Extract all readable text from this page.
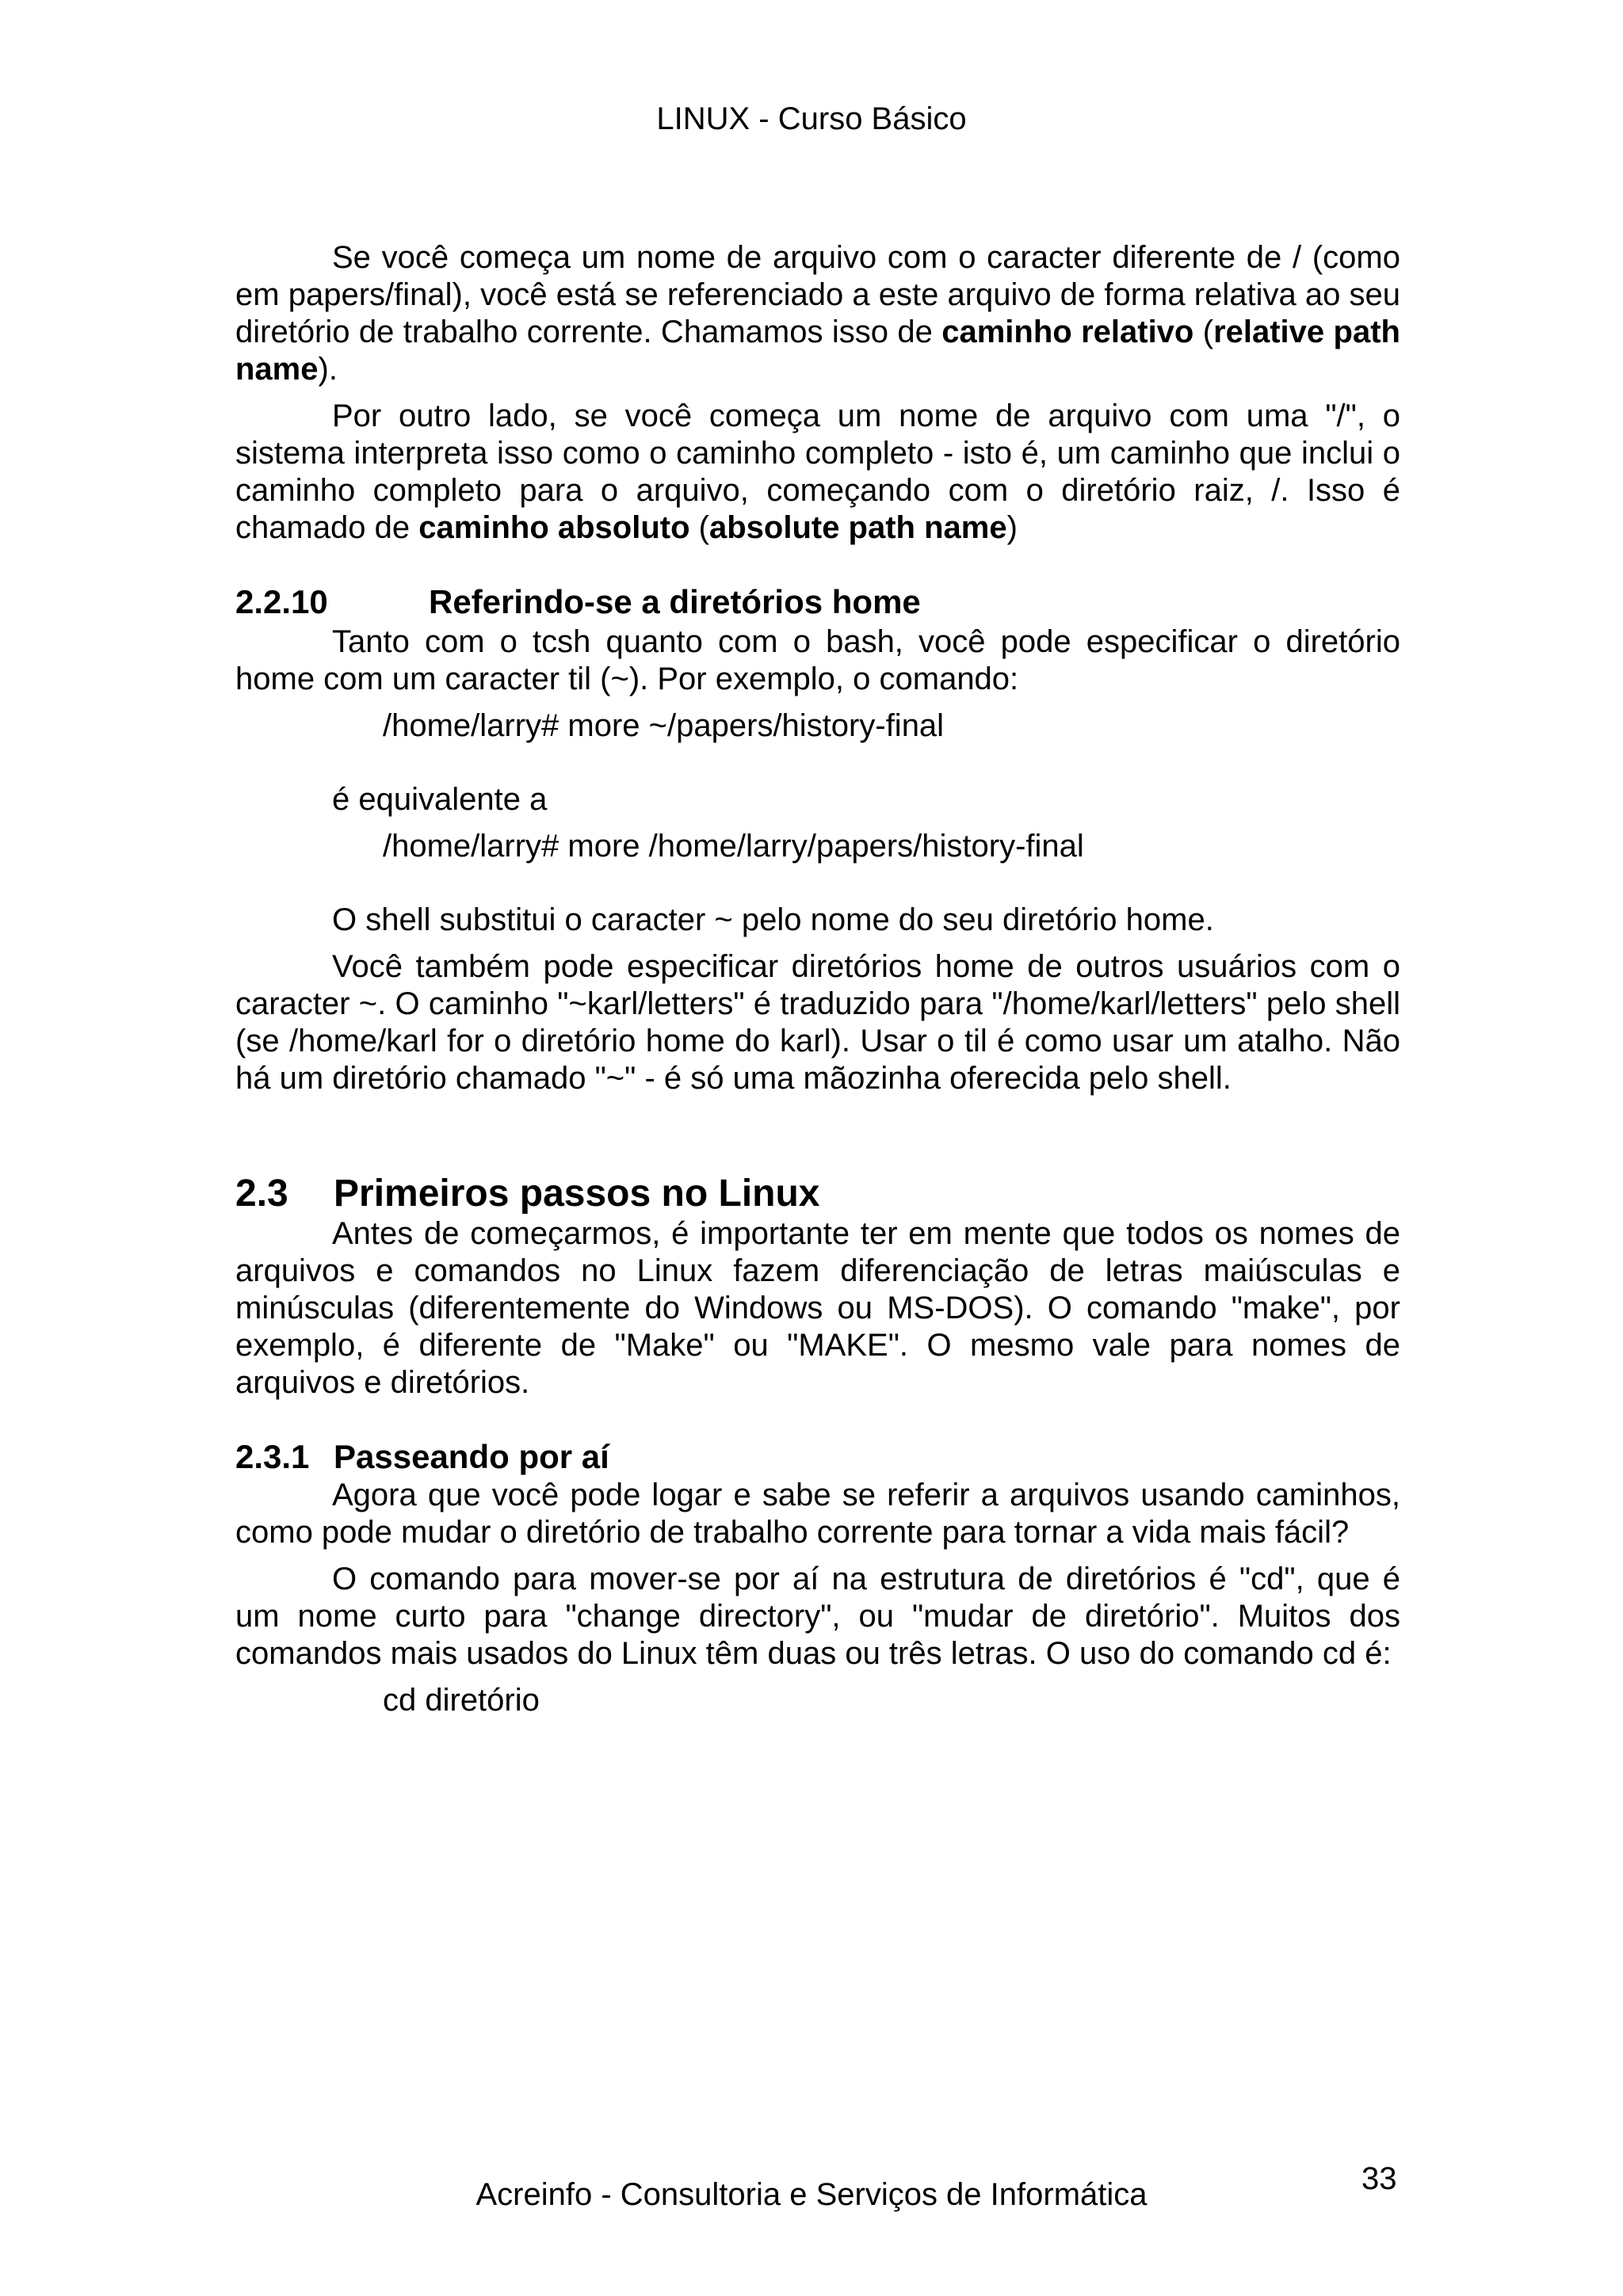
LINUX - Curso Básico

Se você começa um nome de arquivo com o caracter diferente de / (como em papers/final), você está se referenciado a este arquivo de forma relativa ao seu diretório de trabalho corrente. Chamamos isso de caminho relativo (relative path name).

Por outro lado, se você começa um nome de arquivo com uma "/", o sistema interpreta isso como o caminho completo - isto é, um caminho que inclui o caminho completo para o arquivo, começando com o diretório raiz, /. Isso é chamado de caminho absoluto (absolute path name)

2.2.10	Referindo-se a diretórios home

Tanto com o tcsh quanto com o bash, você pode especificar o diretório home com um caracter til (~). Por exemplo, o comando:

/home/larry# more ~/papers/history-final

é equivalente a

/home/larry# more /home/larry/papers/history-final

O shell substitui o caracter ~ pelo nome do seu diretório home.

Você também pode especificar diretórios home de outros usuários com o caracter ~. O caminho "~karl/letters" é traduzido para "/home/karl/letters" pelo shell (se /home/karl for o diretório home do karl). Usar o til é como usar um atalho. Não há um diretório chamado "~" - é só uma mãozinha oferecida pelo shell.

2.3 Primeiros passos no Linux

Antes de começarmos, é importante ter em mente que todos os nomes de arquivos e comandos no Linux fazem diferenciação de letras maiúsculas e minúsculas (diferentemente do Windows ou MS-DOS). O comando "make", por exemplo, é diferente de "Make" ou "MAKE". O mesmo vale para nomes de arquivos e diretórios.

2.3.1 Passeando por aí

Agora que você pode logar e sabe se referir a arquivos usando caminhos, como pode mudar o diretório de trabalho corrente para tornar a vida mais fácil?

O comando para mover-se por aí na estrutura de diretórios é "cd", que é um nome curto para "change directory", ou "mudar de diretório". Muitos dos comandos mais usados do Linux têm duas ou três letras. O uso do comando cd é:

cd diretório

Acreinfo - Consultoria e Serviços de Informática	33
